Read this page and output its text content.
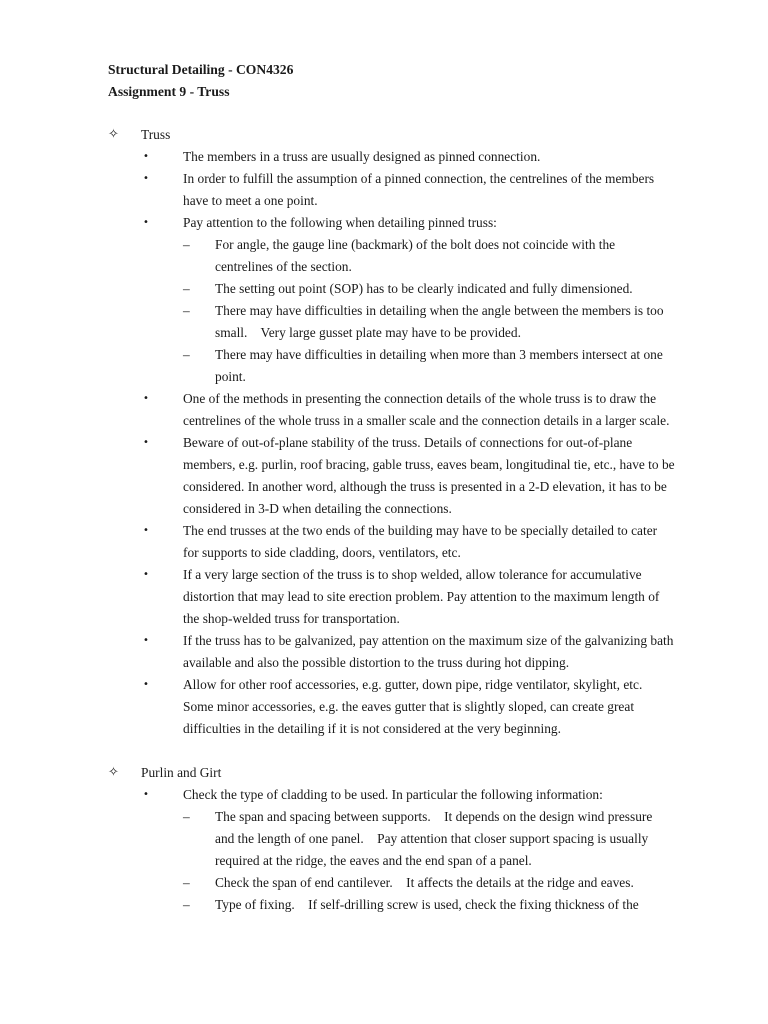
Structural Detailing - CON4326
Assignment 9 - Truss
✧ Truss
•	The members in a truss are usually designed as pinned connection.
•	In order to fulfill the assumption of a pinned connection, the centrelines of the members have to meet a one point.
•	Pay attention to the following when detailing pinned truss:
– For angle, the gauge line (backmark) of the bolt does not coincide with the centrelines of the section.
– The setting out point (SOP) has to be clearly indicated and fully dimensioned.
– There may have difficulties in detailing when the angle between the members is too small.    Very large gusset plate may have to be provided.
– There may have difficulties in detailing when more than 3 members intersect at one point.
•	One of the methods in presenting the connection details of the whole truss is to draw the centrelines of the whole truss in a smaller scale and the connection details in a larger scale.
•	Beware of out-of-plane stability of the truss. Details of connections for out-of-plane members, e.g. purlin, roof bracing, gable truss, eaves beam, longitudinal tie, etc., have to be considered. In another word, although the truss is presented in a 2-D elevation, it has to be considered in 3-D when detailing the connections.
•	The end trusses at the two ends of the building may have to be specially detailed to cater for supports to side cladding, doors, ventilators, etc.
•	If a very large section of the truss is to shop welded, allow tolerance for accumulative distortion that may lead to site erection problem. Pay attention to the maximum length of the shop-welded truss for transportation.
•	If the truss has to be galvanized, pay attention on the maximum size of the galvanizing bath available and also the possible distortion to the truss during hot dipping.
•	Allow for other roof accessories, e.g. gutter, down pipe, ridge ventilator, skylight, etc. Some minor accessories, e.g. the eaves gutter that is slightly sloped, can create great difficulties in the detailing if it is not considered at the very beginning.
✧ Purlin and Girt
•	Check the type of cladding to be used. In particular the following information:
– The span and spacing between supports.    It depends on the design wind pressure and the length of one panel.    Pay attention that closer support spacing is usually required at the ridge, the eaves and the end span of a panel.
– Check the span of end cantilever.    It affects the details at the ridge and eaves.
– Type of fixing.    If self-drilling screw is used, check the fixing thickness of the
